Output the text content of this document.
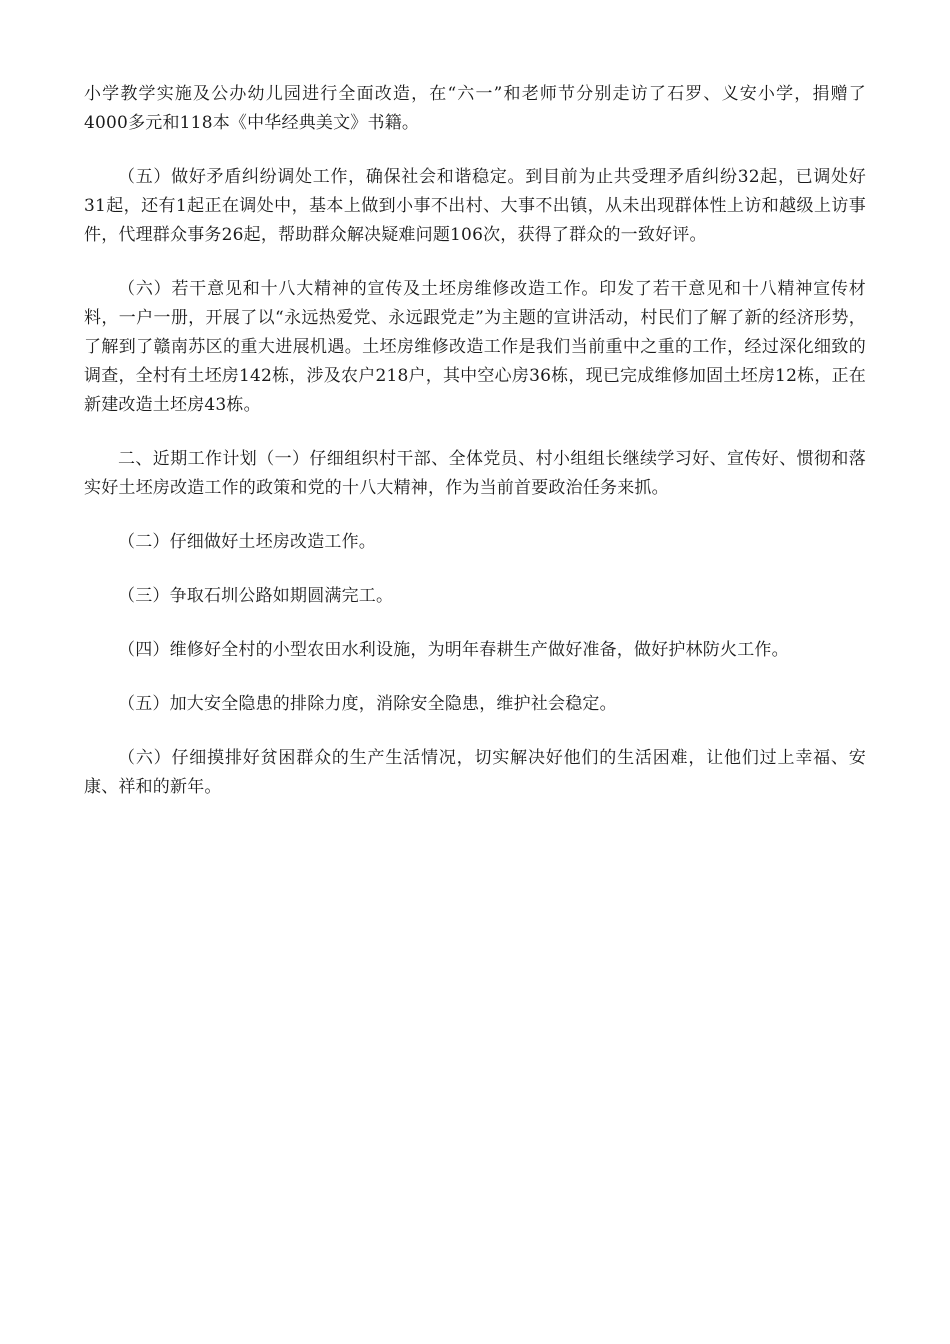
小学教学实施及公办幼儿园进行全面改造，在“六一”和老师节分别走访了石罗、义安小学，捐赠了4000多元和118本《中华经典美文》书籍。

（五）做好矛盾纠纷调处工作，确保社会和谐稳定。到目前为止共受理矛盾纠纷32起，已调处好31起，还有1起正在调处中，基本上做到小事不出村、大事不出镇，从未出现群体性上访和越级上访事件，代理群众事务26起，帮助群众解决疑难问题106次，获得了群众的一致好评。

（六）若干意见和十八大精神的宣传及土坯房维修改造工作。印发了若干意见和十八精神宣传材料，一户一册，开展了以“永远热爱党、永远跟党走”为主题的宣讲活动，村民们了解了新的经济形势，了解到了赣南苏区的重大进展机遇。土坯房维修改造工作是我们当前重中之重的工作，经过深化细致的调查，全村有土坯房142栋，涉及农户218户，其中空心房36栋，现已完成维修加固土坯房12栋，正在新建改造土坯房43栋。

二、近期工作计划（一）仔细组织村干部、全体党员、村小组组长继续学习好、宣传好、惯彻和落实好土坯房改造工作的政策和党的十八大精神，作为当前首要政治任务来抓。

（二）仔细做好土坯房改造工作。

（三）争取石圳公路如期圆满完工。

（四）维修好全村的小型农田水利设施，为明年春耕生产做好准备，做好护林防火工作。

（五）加大安全隐患的排除力度，消除安全隐患，维护社会稳定。

（六）仔细摸排好贫困群众的生产生活情况，切实解决好他们的生活困难，让他们过上幸福、安康、祥和的新年。
